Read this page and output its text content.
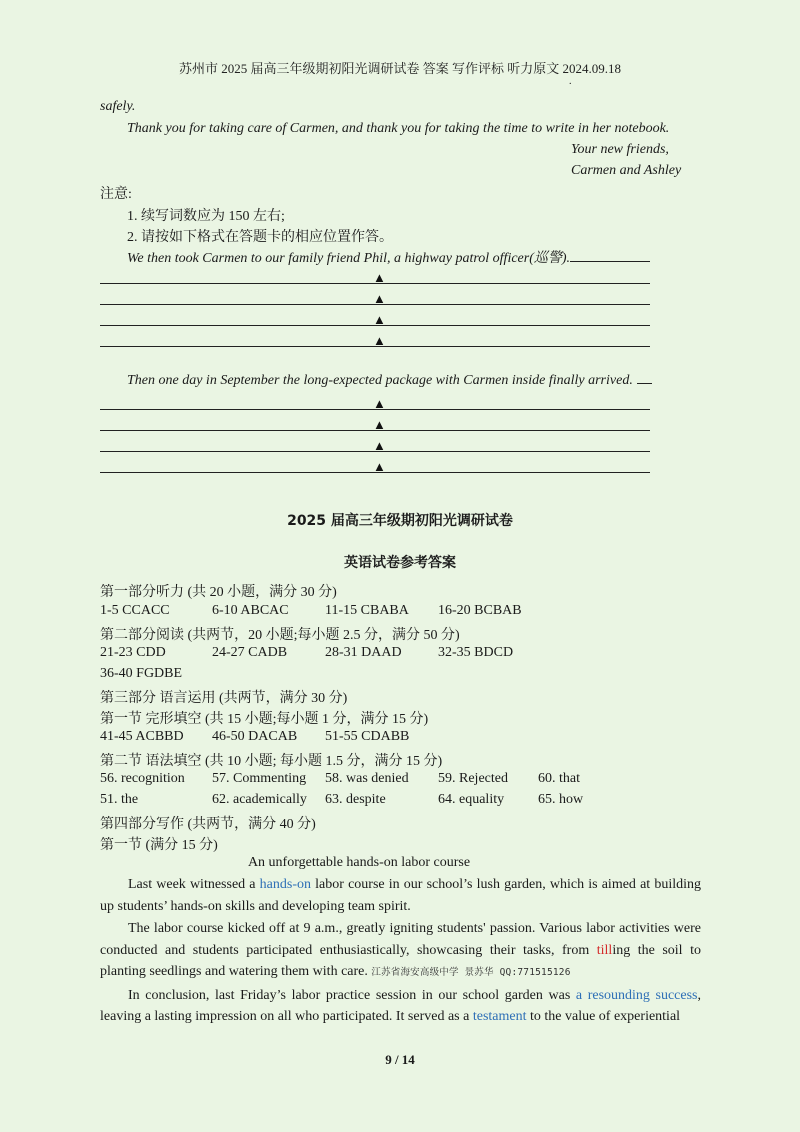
苏州市 2025 届高三年级期初阳光调研试卷 答案 写作评标 听力原文 2024.09.18
.
safely.
Thank you for taking care of Carmen, and thank you for taking the time to write in her notebook.
Your new friends,
Carmen and Ashley
注意:
1. 续写词数应为 150 左右;
2. 请按如下格式在答题卡的相应位置作答。
We then took Carmen to our family friend Phil, a highway patrol officer(巡警).
▲
▲
▲
▲
Then one day in September the long-expected package with Carmen inside finally arrived.
▲
▲
▲
▲
2025 届高三年级期初阳光调研试卷
英语试卷参考答案
第一部分听力 (共 20 小题，满分 30 分)
1-5 CCACC	6-10 ABCAC	11-15 CBABA 16-20 BCBAB
第二部分阅读 (共两节，20 小题;每小题 2.5 分，满分 50 分)
21-23 CDD	24-27 CADB	28-31 DAAD	32-35 BDCD
36-40 FGDBE
第三部分 语言运用 (共两节，满分 30 分)
第一节 完形填空 (共 15 小题;每小题 1 分，满分 15 分)
41-45 ACBBD 46-50 DACAB 51-55 CDABB
第二节 语法填空 (共 10 小题; 每小题 1.5 分，满分 15 分)
56. recognition 57. Commenting 58. was denied 59. Rejected 60. that
51. the	62. academically 63. despite	64. equality 65. how
第四部分写作 (共两节，满分 40 分)
第一节 (满分 15 分)
An unforgettable hands-on labor course

Last week witnessed a hands-on labor course in our school’s lush garden, which is aimed at building up students’ hands-on skills and developing team spirit.

The labor course kicked off at 9 a.m., greatly igniting students' passion. Various labor activities were conducted and students participated enthusiastically, showcasing their tasks, from tilling the soil to planting seedlings and watering them with care. 江苏省海安高级中学 景苏华 QQ:771515126

In conclusion, last Friday’s labor practice session in our school garden was a resounding success, leaving a lasting impression on all who participated. It served as a testament to the value of experiential

9 / 14
